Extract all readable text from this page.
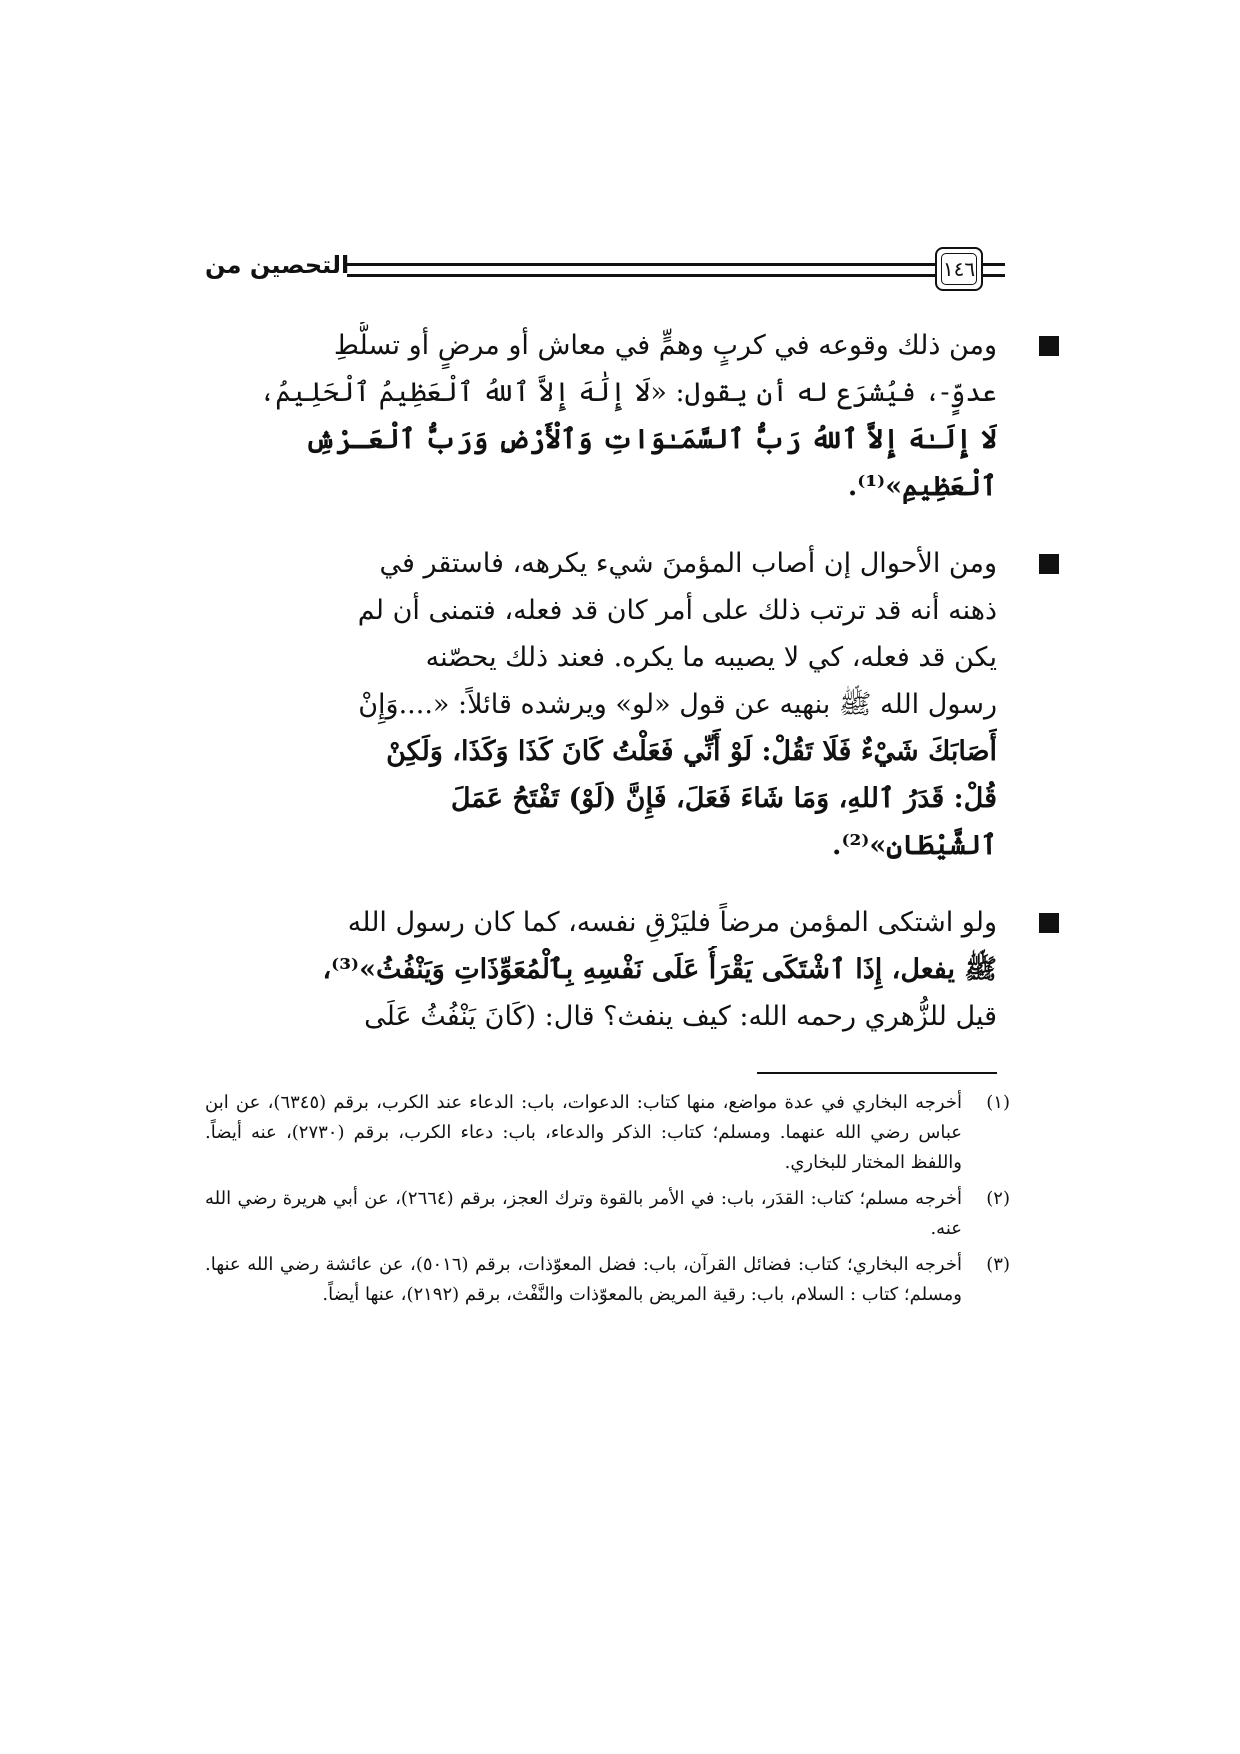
التحصين من	١٤٦
ومن ذلك وقوعه في كربٍ وهمٍّ في معاش أو مرضٍ أو تسلُّطِ
عدوٍّ-، فيُشرَع له أن يقول: «لَا إِلَٰهَ إِلاَّ ٱللهُ ٱلْعَظِيمُ ٱلْحَلِيمُ،
لَا إِلَـٰهَ إِلاَّ ٱللهُ رَبُّ ٱلسَّمَـٰوَاتِ وَٱلْأَرْضِ وَرَبُّ ٱلْعَـرْشِ
ٱلْعَظِيمِ»⁽¹⁾.
ومن الأحوال إن أصاب المؤمنَ شيء يكرهه، فاستقر في
ذهنه أنه قد ترتب ذلك على أمر كان قد فعله، فتمنى أن لم
يكن قد فعله، كي لا يصيبه ما يكره. فعند ذلك يحصّنه
رسول الله ﷺ بنهيه عن قول «لو» ويرشده قائلاً: «....وَإِنْ
أَصَابَكَ شَيْءٌ فَلَا تَقُلْ: لَوْ أَنِّي فَعَلْتُ كَانَ كَذَا وَكَذَا، وَلَكِنْ
قُلْ: قَدَرُ ٱللهِ، وَمَا شَاءَ فَعَلَ، فَإِنَّ (لَوْ) تَفْتَحُ عَمَلَ
ٱلشَّيْطَانِ»⁽²⁾.
ولو اشتكى المؤمن مرضاً فليَرْقِ نفسه، كما كان رسول الله
ﷺ يفعل، إِذَا ٱشْتَكَى يَقْرَأُ عَلَى نَفْسِهِ بِٱلْمُعَوِّذَاتِ وَيَنْفُثُ»⁽³⁾،
قيل للزُّهري رحمه الله: كيف ينفث؟ قال: (كَانَ يَنْفُثُ عَلَى
(١)
أخرجه البخاري في عدة مواضع، منها كتاب: الدعوات، باب: الدعاء عند الكرب، برقم (٦٣٤٥)، عن ابن عباس رضي الله عنهما. ومسلم؛ كتاب: الذكر والدعاء، باب: دعاء الكرب، برقم (٢٧٣٠)، عنه أيضاً. واللفظ المختار للبخاري.
(٢)
أخرجه مسلم؛ كتاب: القدَر، باب: في الأمر بالقوة وترك العجز، برقم (٢٦٦٤)، عن أبي هريرة رضي الله عنه.
(٣)
أخرجه البخاري؛ كتاب: فضائل القرآن، باب: فضل المعوّذات، برقم (٥٠١٦)، عن عائشة رضي الله عنها. ومسلم؛ كتاب : السلام، باب: رقية المريض بالمعوّذات والنَّفْث، برقم (٢١٩٢)، عنها أيضاً.
